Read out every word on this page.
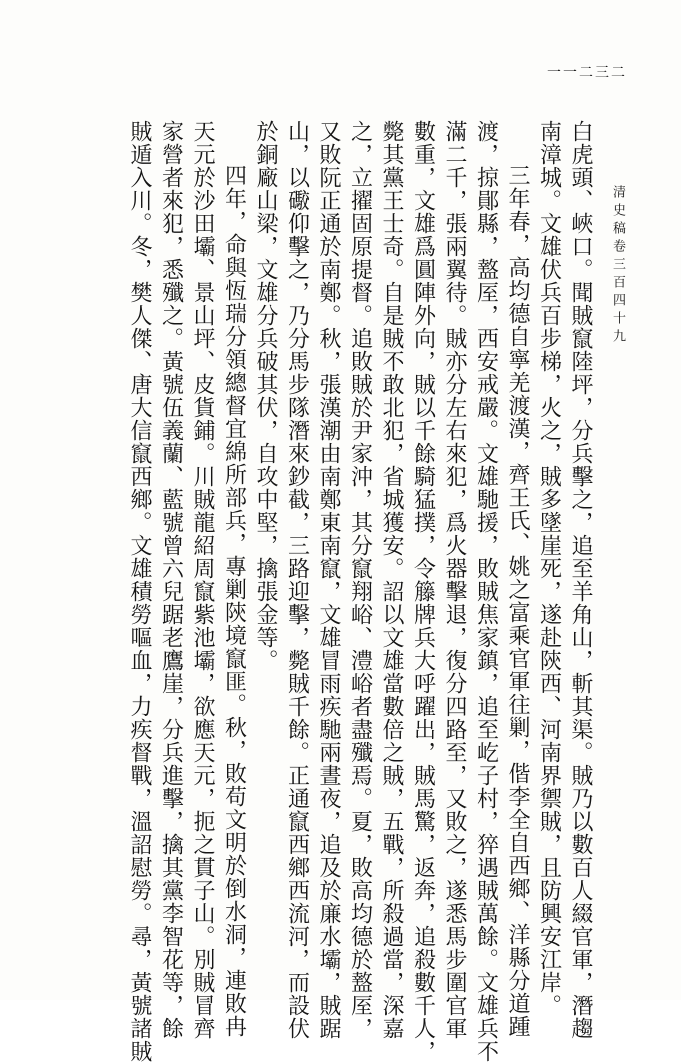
清史稿卷三百四十九
一一二三二
白虎頭、峽口。聞賊竄陸坪，分兵擊之，追至羊角山，斬其渠。賊乃以數百人綴官軍，潛趨
南漳城。文雄伏兵百步梯，火之，賊多墜崖死，遂赴陝西、河南界禦賊，且防興安江岸。
三年春，高均德自寧羌渡漢，齊王氏、姚之富乘官軍往剿，偕李全自西鄉、洋縣分道踵
渡，掠鄖縣，盩厔，西安戒嚴。文雄馳援，敗賊焦家鎮，追至屹子村，猝遇賊萬餘。文雄兵不
滿二千，張兩翼待。賊亦分左右來犯，爲火器擊退，復分四路至，又敗之，遂悉馬步圍官軍
數重，文雄爲圓陣外向，賊以千餘騎猛撲，令籐牌兵大呼躍出，賊馬驚，返奔，追殺數千人，
斃其黨王士奇。自是賊不敢北犯，省城獲安。詔以文雄當數倍之賊，五戰，所殺過當，深嘉
之，立擢固原提督。追敗賊於尹家沖，其分竄翔峪、澧峪者盡殲焉。夏，敗高均德於盩厔，
又敗阮正通於南鄭。秋，張漢潮由南鄭東南竄，文雄冒雨疾馳兩晝夜，追及於廉水壩，賊踞
山，以礮仰擊之，乃分馬步隊潛來鈔截，三路迎擊，斃賊千餘。正通竄西鄉西流河，而設伏
於銅廠山梁，文雄分兵破其伏，自攻中堅，擒張金等。
四年，命與恆瑞分領總督宜綿所部兵，專剿陝境竄匪。秋，敗苟文明於倒水洞，連敗冉
天元於沙田壩、景山坪、皮貨鋪。川賊龍紹周竄紫池壩，欲應天元，扼之貫子山。別賊冒齊
家營者來犯，悉殲之。黃號伍義蘭、藍號曾六兒踞老鷹崖，分兵進擊，擒其黨李智花等，餘
賊遁入川。冬，樊人傑、唐大信竄西鄉。文雄積勞嘔血，力疾督戰，溫詔慰勞。尋，黃號諸賊
